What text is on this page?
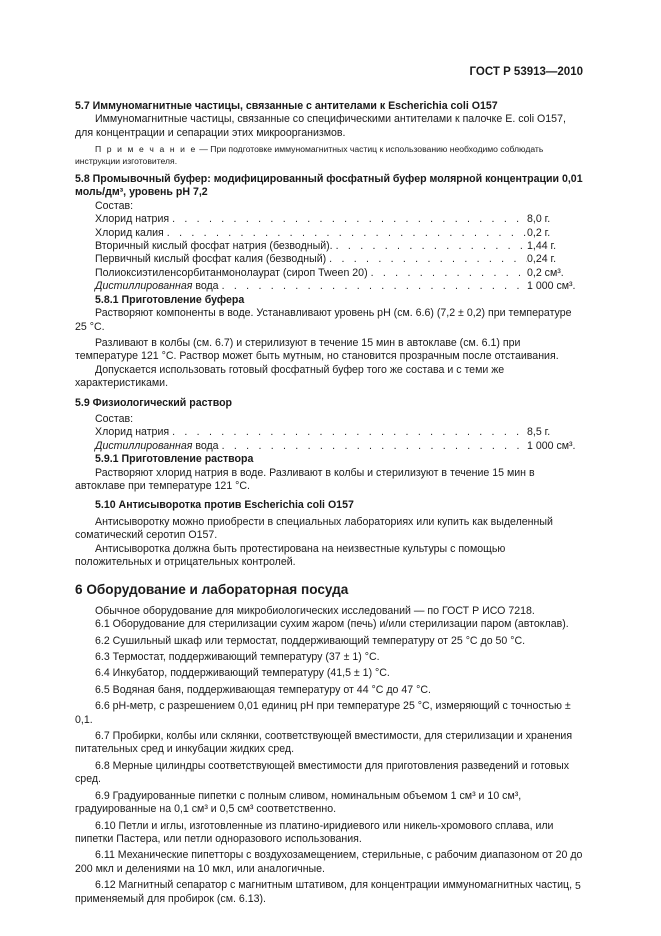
ГОСТ Р 53913—2010

5.7 Иммуномагнитные частицы, связанные с антителами к Escherichia coli O157

Иммуномагнитные частицы, связанные со специфическими антителами к палочке E. coli O157, для концентрации и сепарации этих микроорганизмов.

П р и м е ч а н и е — При подготовке иммуномагнитных частиц к использованию необходимо соблюдать инструкции изготовителя.

5.8 Промывочный буфер: модифицированный фосфатный буфер молярной концентрации 0,01 моль/дм³, уровень рН 7,2

Состав:

Хлорид натрия . . .	8,0 г.
Хлорид калия . . .	0,2 г.
Вторичный кислый фосфат натрия (безводный). . . .	1,44 г.
Первичный кислый фосфат калия (безводный) . . .	0,24 г.
Полиоксиэтиленсорбитанмонолаурат (сироп Tween 20) . . .	0,2 см³.
Дистиллированная вода . . .	1 000 см³.

5.8.1 Приготовление буфера

Растворяют компоненты в воде. Устанавливают уровень рН (см. 6.6) (7,2 ± 0,2) при температуре 25 °С.

Разливают в колбы (см. 6.7) и стерилизуют в течение 15 мин в автоклаве (см. 6.1) при температуре 121 °С. Раствор может быть мутным, но становится прозрачным после отстаивания.

Допускается использовать готовый фосфатный буфер того же состава и с теми же характеристиками.

5.9 Физиологический раствор

Состав:

Хлорид натрия . . .	8,5 г.
Дистиллированная вода . . .	1 000 см³.

5.9.1 Приготовление раствора

Растворяют хлорид натрия в воде. Разливают в колбы и стерилизуют в течение 15 мин в автоклаве при температуре 121 °С.

5.10 Антисыворотка против Escherichia coli O157

Антисыворотку можно приобрести в специальных лабораториях или купить как выделенный соматический серотип O157.

Антисыворотка должна быть протестирована на неизвестные культуры с помощью положительных и отрицательных контролей.

6 Оборудование и лабораторная посуда

Обычное оборудование для микробиологических исследований — по ГОСТ Р ИСО 7218.

6.1 Оборудование для стерилизации сухим жаром (печь) и/или стерилизации паром (автоклав).

6.2 Сушильный шкаф или термостат, поддерживающий температуру от 25 °С до 50 °С.

6.3 Термостат, поддерживающий температуру (37 ± 1) °С.

6.4 Инкубатор, поддерживающий температуру (41,5 ± 1) °С.

6.5 Водяная баня, поддерживающая температуру от 44 °С до 47 °С.

6.6 рН-метр, с разрешением 0,01 единиц рН при температуре 25 °С, измеряющий с точностью ± 0,1.

6.7 Пробирки, колбы или склянки, соответствующей вместимости, для стерилизации и хранения питательных сред и инкубации жидких сред.

6.8 Мерные цилиндры соответствующей вместимости для приготовления разведений и готовых сред.

6.9 Градуированные пипетки с полным сливом, номинальным объемом 1 см³ и 10 см³, градуированные на 0,1 см³ и 0,5 см³ соответственно.

6.10 Петли и иглы, изготовленные из платино-иридиевого или никель-хромового сплава, или пипетки Пастера, или петли одноразового использования.

6.11 Механические пипетторы с воздухозамещением, стерильные, с рабочим диапазоном от 20 до 200 мкл и делениями на 10 мкл, или аналогичные.

6.12 Магнитный сепаратор с магнитным штативом, для концентрации иммуномагнитных частиц, применяемый для пробирок (см. 6.13).

5
